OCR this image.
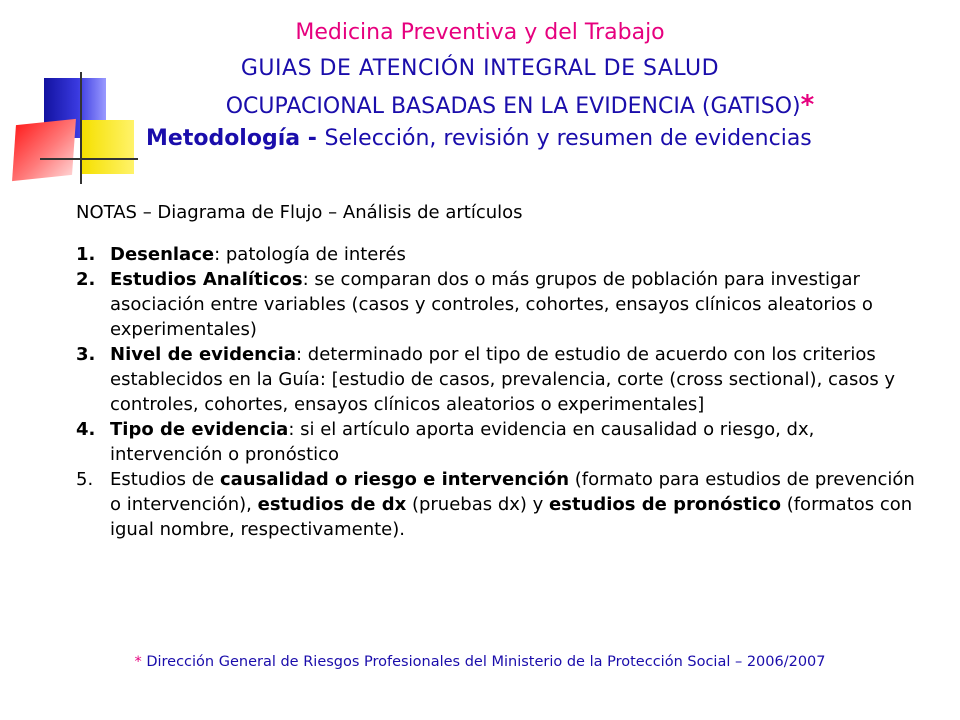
Medicina Preventiva y del Trabajo
GUIAS DE ATENCIÓN INTEGRAL DE SALUD
OCUPACIONAL BASADAS EN LA EVIDENCIA (GATISO)*
Metodología - Selección, revisión y resumen de evidencias
NOTAS – Diagrama de Flujo – Análisis de artículos
1. Desenlace: patología de interés
2. Estudios Analíticos: se comparan dos o más grupos de población para investigar asociación entre variables (casos y controles, cohortes, ensayos clínicos aleatorios o experimentales)
3. Nivel de evidencia: determinado por el tipo de estudio de acuerdo con los criterios establecidos en la Guía: [estudio de casos, prevalencia, corte (cross sectional), casos y controles, cohortes, ensayos clínicos aleatorios o experimentales]
4. Tipo de evidencia: si el artículo aporta evidencia en causalidad o riesgo, dx, intervención o pronóstico
5. Estudios de causalidad o riesgo e intervención (formato para estudios de prevención o intervención), estudios de dx (pruebas dx) y estudios de pronóstico (formatos con igual nombre, respectivamente).
* Dirección General de Riesgos Profesionales del Ministerio de la Protección Social – 2006/2007
